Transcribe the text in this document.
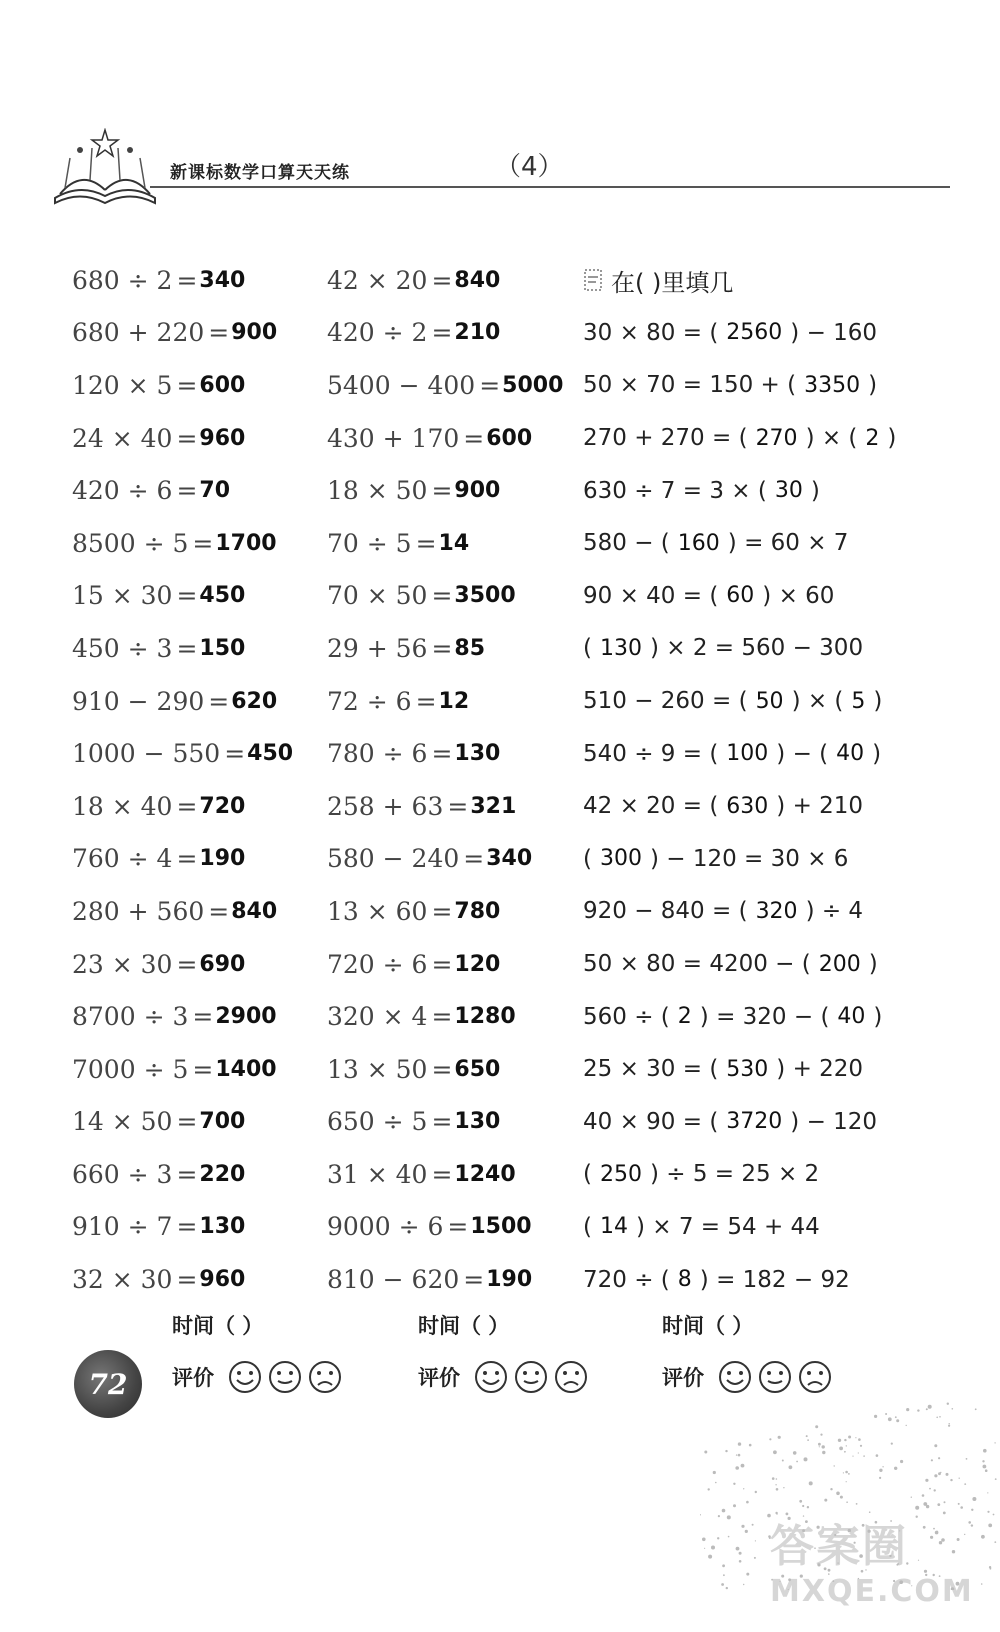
新课标数学口算天天练	（4）
680 ÷ 2 = 340
680 + 220 = 900
120 × 5 = 600
24 × 40 = 960
420 ÷ 6 = 70
8500 ÷ 5 = 1700
15 × 30 = 450
450 ÷ 3 = 150
910 − 290 = 620
1000 − 550 = 450
18 × 40 = 720
760 ÷ 4 = 190
280 + 560 = 840
23 × 30 = 690
8700 ÷ 3 = 2900
7000 ÷ 5 = 1400
14 × 50 = 700
660 ÷ 3 = 220
910 ÷ 7 = 130
32 × 30 = 960
42 × 20 = 840
420 ÷ 2 = 210
5400 − 400 = 5000
430 + 170 = 600
18 × 50 = 900
70 ÷ 5 = 14
70 × 50 = 3500
29 + 56 = 85
72 ÷ 6 = 12
780 ÷ 6 = 130
258 + 63 = 321
580 − 240 = 340
13 × 60 = 780
720 ÷ 6 = 120
320 × 4 = 1280
13 × 50 = 650
650 ÷ 5 = 130
31 × 40 = 1240
9000 ÷ 6 = 1500
810 − 620 = 190
在( )里填几
30 × 80 = ( 2560 ) − 160
50 × 70 = 150 + ( 3350 )
270 + 270 = ( 270 ) × ( 2 )
630 ÷ 7 = 3 × ( 30 )
580 − ( 160 ) = 60 × 7
90 × 40 = ( 60 ) × 60
( 130 ) × 2 = 560 − 300
510 − 260 = ( 50 ) × ( 5 )
540 ÷ 9 = ( 100 ) − ( 40 )
42 × 20 = ( 630 ) + 210
( 300 ) − 120 = 30 × 6
920 − 840 = ( 320 ) ÷ 4
50 × 80 = 4200 − ( 200 )
560 ÷ ( 2 ) = 320 − ( 40 )
25 × 30 = ( 530 ) + 220
40 × 90 = ( 3720 ) − 120
( 250 ) ÷ 5 = 25 × 2
( 14 ) × 7 = 54 + 44
720 ÷ ( 8 ) = 182 − 92
时间（ ）
评价
时间（ ）
评价
时间（ ）
评价
72
答案圈
MXQE.COM
